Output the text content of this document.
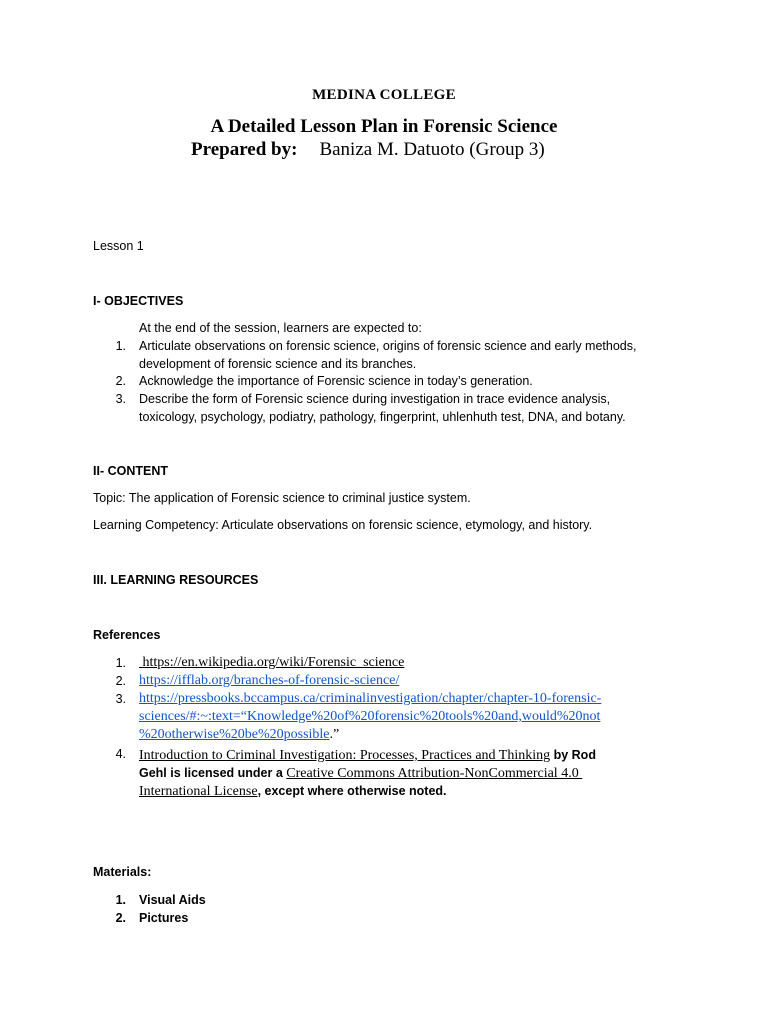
MEDINA COLLEGE
A Detailed Lesson Plan in Forensic Science
Prepared by: Baniza M. Datuoto (Group 3)
Lesson 1
I- OBJECTIVES
At the end of the session, learners are expected to:
1. Articulate observations on forensic science, origins of forensic science and early methods,
development of forensic science and its branches.
2. Acknowledge the importance of Forensic science in today’s generation.
3. Describe the form of Forensic science during investigation in trace evidence analysis,
toxicology, psychology, podiatry, pathology, fingerprint, uhlenhuth test, DNA, and botany.
II- CONTENT
Topic: The application of Forensic science to criminal justice system.
Learning Competency: Articulate observations on forensic science, etymology, and history.
III. LEARNING RESOURCES
References
1. https://en.wikipedia.org/wiki/Forensic_science
2. https://ifflab.org/branches-of-forensic-science/
3. https://pressbooks.bccampus.ca/criminalinvestigation/chapter/chapter-10-forensic-
sciences/#:~:text=“Knowledge%20of%20forensic%20tools%20and,would%20not
%20otherwise%20be%20possible.”
4. Introduction to Criminal Investigation: Processes, Practices and Thinking by Rod
Gehl is licensed under a Creative Commons Attribution-NonCommercial 4.0
International License, except where otherwise noted.
Materials:
1. Visual Aids
2. Pictures
